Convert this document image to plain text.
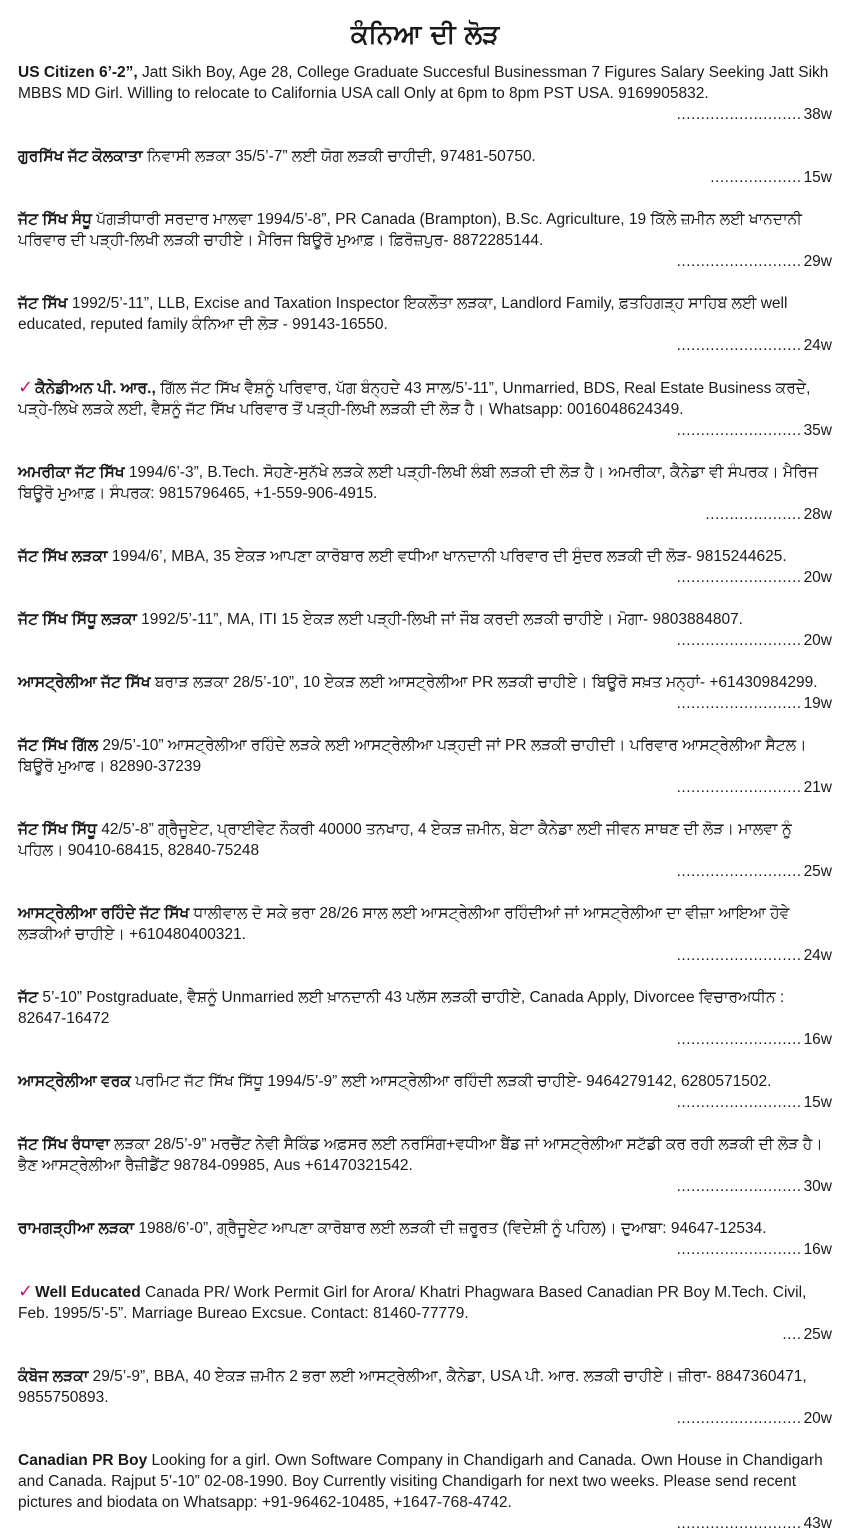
ਕੰਨਿਆ ਦੀ ਲੋੜ

US Citizen 6’-2”, Jatt Sikh Boy, Age 28, College Graduate Succesful Businessman 7 Figures Salary Seeking Jatt Sikh MBBS MD Girl. Willing to relocate to California USA call Only at 6pm to 8pm PST USA. 9169905832.

.......................... 38w

ਗੁਰਸਿੱਖ ਜੱਟ ਕੋਲਕਾਤਾ ਨਿਵਾਸੀ ਲੜਕਾ 35/5’-7” ਲਈ ਯੋਗ ਲੜਕੀ ਚਾਹੀਦੀ, 97481-50750.

................... 15w

ਜੱਟ ਸਿੱਖ ਸੰਧੂ ਪੱਗੜੀਧਾਰੀ ਸਰਦਾਰ ਮਾਲਵਾ 1994/5’-8”, PR Canada (Brampton), B.Sc. Agriculture, 19 ਕਿੱਲੇ ਜ਼ਮੀਨ ਲਈ ਖਾਨਦਾਨੀ ਪਰਿਵਾਰ ਦੀ ਪੜ੍ਹੀ-ਲਿਖੀ ਲੜਕੀ ਚਾਹੀਏ। ਮੈਰਿਜ ਬਿਊਰੋ ਮੁਆਫ਼। ਫ਼ਿਰੋਜ਼ਪੁਰ- 8872285144.

.......................... 29w

ਜੱਟ ਸਿੱਖ 1992/5’-11”, LLB, Excise and Taxation Inspector ਇਕਲੌਤਾ ਲੜਕਾ, Landlord Family, ਫ਼ਤਹਿਗੜ੍ਹ ਸਾਹਿਬ ਲਈ well educated, reputed family ਕੰਨਿਆ ਦੀ ਲੋੜ - 99143-16550.

.......................... 24w

✓ ਕੈਨੇਡੀਅਨ ਪੀ. ਆਰ., ਗਿੱਲ ਜੱਟ ਸਿੱਖ ਵੈਸ਼ਨੂੰ ਪਰਿਵਾਰ, ਪੱਗ ਬੰਨ੍ਹਦੇ 43 ਸਾਲ/5’-11”, Unmarried, BDS, Real Estate Business ਕਰਦੇ, ਪੜ੍ਹੇ-ਲਿਖੇ ਲੜਕੇ ਲਈ, ਵੈਸ਼ਨੂੰ ਜੱਟ ਸਿੱਖ ਪਰਿਵਾਰ ਤੋਂ ਪੜ੍ਹੀ-ਲਿਖੀ ਲੜਕੀ ਦੀ ਲੋੜ ਹੈ। Whatsapp: 0016048624349.

.......................... 35w

ਅਮਰੀਕਾ ਜੱਟ ਸਿੱਖ 1994/6’-3”, B.Tech. ਸੋਹਣੇ-ਸੁਨੱਖੇ ਲੜਕੇ ਲਈ ਪੜ੍ਹੀ-ਲਿਖੀ ਲੰਬੀ ਲੜਕੀ ਦੀ ਲੋੜ ਹੈ। ਅਮਰੀਕਾ, ਕੈਨੇਡਾ ਵੀ ਸੰਪਰਕ। ਮੈਰਿਜ ਬਿਊਰੋ ਮੁਆਫ਼। ਸੰਪਰਕ: 9815796465, +1-559-906-4915.

.................... 28w

ਜੱਟ ਸਿੱਖ ਲੜਕਾ 1994/6’, MBA, 35 ਏਕੜ ਆਪਣਾ ਕਾਰੋਬਾਰ ਲਈ ਵਧੀਆ ਖਾਨਦਾਨੀ ਪਰਿਵਾਰ ਦੀ ਸੁੰਦਰ ਲੜਕੀ ਦੀ ਲੋੜ- 9815244625.

.......................... 20w

ਜੱਟ ਸਿੱਖ ਸਿੱਧੂ ਲੜਕਾ 1992/5’-11”, MA, ITI 15 ਏਕੜ ਲਈ ਪੜ੍ਹੀ-ਲਿਖੀ ਜਾਂ ਜੌਬ ਕਰਦੀ ਲੜਕੀ ਚਾਹੀਏ। ਮੋਗਾ- 9803884807.

.......................... 20w

ਆਸਟ੍ਰੇਲੀਆ ਜੱਟ ਸਿੱਖ ਬਰਾੜ ਲੜਕਾ 28/5’-10”, 10 ਏਕੜ ਲਈ ਆਸਟ੍ਰੇਲੀਆ PR ਲੜਕੀ ਚਾਹੀਏ। ਬਿਊਰੋ ਸਖ਼ਤ ਮਨ੍ਹਾਂ- +61430984299.

.......................... 19w

ਜੱਟ ਸਿੱਖ ਗਿੱਲ 29/5’-10” ਆਸਟ੍ਰੇਲੀਆ ਰਹਿੰਦੇ ਲੜਕੇ ਲਈ ਆਸਟ੍ਰੇਲੀਆ ਪੜ੍ਹਦੀ ਜਾਂ PR ਲੜਕੀ ਚਾਹੀਦੀ। ਪਰਿਵਾਰ ਆਸਟ੍ਰੇਲੀਆ ਸੈਟਲ। ਬਿਊਰੋ ਮੁਆਫ। 82890-37239

.......................... 21w

ਜੱਟ ਸਿੱਖ ਸਿੱਧੂ 42/5’-8” ਗ੍ਰੈਜੂਏਟ, ਪ੍ਰਾਈਵੇਟ ਨੌਕਰੀ 40000 ਤਨਖਾਹ, 4 ਏਕੜ ਜ਼ਮੀਨ, ਬੇਟਾ ਕੈਨੇਡਾ ਲਈ ਜੀਵਨ ਸਾਥਣ ਦੀ ਲੋੜ। ਮਾਲਵਾ ਨੂੰ ਪਹਿਲ। 90410-68415, 82840-75248

.......................... 25w

ਆਸਟ੍ਰੇਲੀਆ ਰਹਿੰਦੇ ਜੱਟ ਸਿੱਖ ਧਾਲੀਵਾਲ ਦੋ ਸਕੇ ਭਰਾ 28/26 ਸਾਲ ਲਈ ਆਸਟ੍ਰੇਲੀਆ ਰਹਿੰਦੀਆਂ ਜਾਂ ਆਸਟ੍ਰੇਲੀਆ ਦਾ ਵੀਜ਼ਾ ਆਇਆ ਹੋਵੇ ਲੜਕੀਆਂ ਚਾਹੀਏ। +610480400321.

.......................... 24w

ਜੱਟ 5’-10” Postgraduate, ਵੈਸ਼ਨੂੰ Unmarried ਲਈ ਖ਼ਾਨਦਾਨੀ 43 ਪਲੱਸ ਲੜਕੀ ਚਾਹੀਏ, Canada Apply, Divorcee ਵਿਚਾਰਅਧੀਨ : 82647-16472

.......................... 16w

ਆਸਟ੍ਰੇਲੀਆ ਵਰਕ ਪਰਮਿਟ ਜੱਟ ਸਿੱਖ ਸਿੱਧੂ 1994/5’-9” ਲਈ ਆਸਟ੍ਰੇਲੀਆ ਰਹਿੰਦੀ ਲੜਕੀ ਚਾਹੀਏ- 9464279142, 6280571502.

.......................... 15w

ਜੱਟ ਸਿੱਖ ਰੰਧਾਵਾ ਲੜਕਾ 28/5’-9” ਮਰਚੈਂਟ ਨੇਵੀ ਸੈਕਿੰਡ ਅਫ਼ਸਰ ਲਈ ਨਰਸਿੰਗ+ਵਧੀਆ ਬੈਂਡ ਜਾਂ ਆਸਟ੍ਰੇਲੀਆ ਸਟੱਡੀ ਕਰ ਰਹੀ ਲੜਕੀ ਦੀ ਲੋੜ ਹੈ। ਭੈਣ ਆਸਟ੍ਰੇਲੀਆ ਰੈਜ਼ੀਡੈਂਟ 98784-09985, Aus +61470321542.

.......................... 30w

ਰਾਮਗੜ੍ਹੀਆ ਲੜਕਾ 1988/6’-0”, ਗ੍ਰੈਜੂਏਟ ਆਪਣਾ ਕਾਰੋਬਾਰ ਲਈ ਲੜਕੀ ਦੀ ਜ਼ਰੂਰਤ (ਵਿਦੇਸ਼ੀ ਨੂੰ ਪਹਿਲ)। ਦੁਆਬਾ: 94647-12534.

.......................... 16w

✓ Well Educated Canada PR/ Work Permit Girl for Arora/ Khatri Phagwara Based Canadian PR Boy M.Tech. Civil, Feb. 1995/5’-5”. Marriage Bureao Excsue. Contact: 81460-77779.

.... 25w

ਕੰਬੋਜ ਲੜਕਾ 29/5’-9”, BBA, 40 ਏਕੜ ਜ਼ਮੀਨ 2 ਭਰਾ ਲਈ ਆਸਟ੍ਰੇਲੀਆ, ਕੈਨੇਡਾ, USA ਪੀ. ਆਰ. ਲੜਕੀ ਚਾਹੀਏ। ਜ਼ੀਰਾ- 8847360471, 9855750893.

.......................... 20w

Canadian PR Boy Looking for a girl. Own Software Company in Chandigarh and Canada. Own House in Chandigarh and Canada. Rajput 5’-10” 02-08-1990. Boy Currently visiting Chandigarh for next two weeks. Please send recent pictures and biodata on Whatsapp: +91-96462-10485, +1647-768-4742.

.......................... 43w
